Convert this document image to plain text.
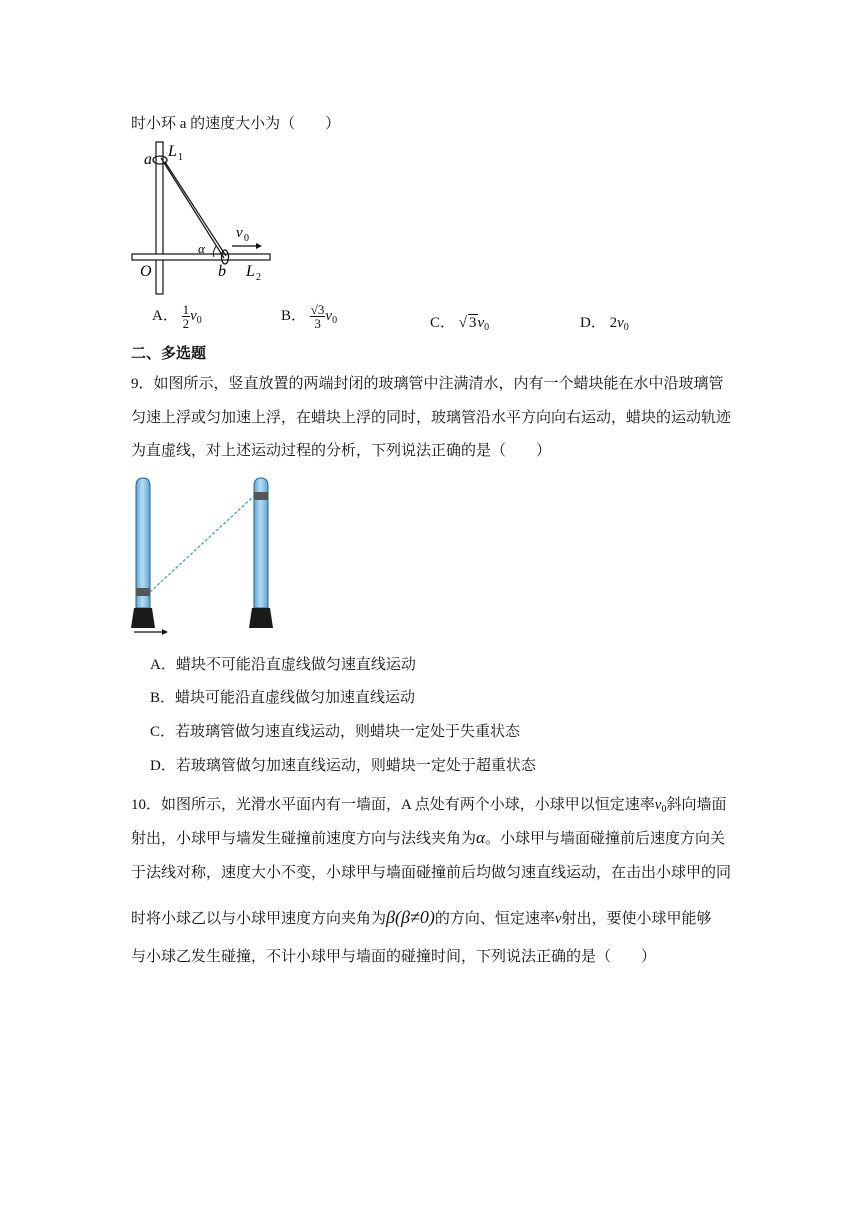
时小环 a 的速度大小为（　　）
a L 1
O
α
v 0
b L 2
A． $\frac{1}{2} v_0$	B． $\frac{√3}{3} v_0$	C． √ $3v_0$	D． $2v_0$
二、多选题
9．如图所示，竖直放置的两端封闭的玻璃管中注满清水，内有一个蜡块能在水中沿玻璃管
匀速上浮或匀加速上浮，在蜡块上浮的同时，玻璃管沿水平方向向右运动，蜡块的运动轨迹
为直虚线，对上述运动过程的分析，下列说法正确的是（　　）
A．蜡块不可能沿直虚线做匀速直线运动
B．蜡块可能沿直虚线做匀加速直线运动
C．若玻璃管做匀速直线运动，则蜡块一定处于失重状态
D．若玻璃管做匀加速直线运动，则蜡块一定处于超重状态
10．如图所示，光滑水平面内有一墙面，A 点处有两个小球，小球甲以恒定速率$v_0$斜向墙面
射出，小球甲与墙发生碰撞前速度方向与法线夹角为α。小球甲与墙面碰撞前后速度方向关
于法线对称，速度大小不变，小球甲与墙面碰撞前后均做匀速直线运动，在击出小球甲的同
时将小球乙以与小球甲速度方向夹角为β(β≠0)的方向、恒定速率v射出，要使小球甲能够
与小球乙发生碰撞，不计小球甲与墙面的碰撞时间，下列说法正确的是（　　）
